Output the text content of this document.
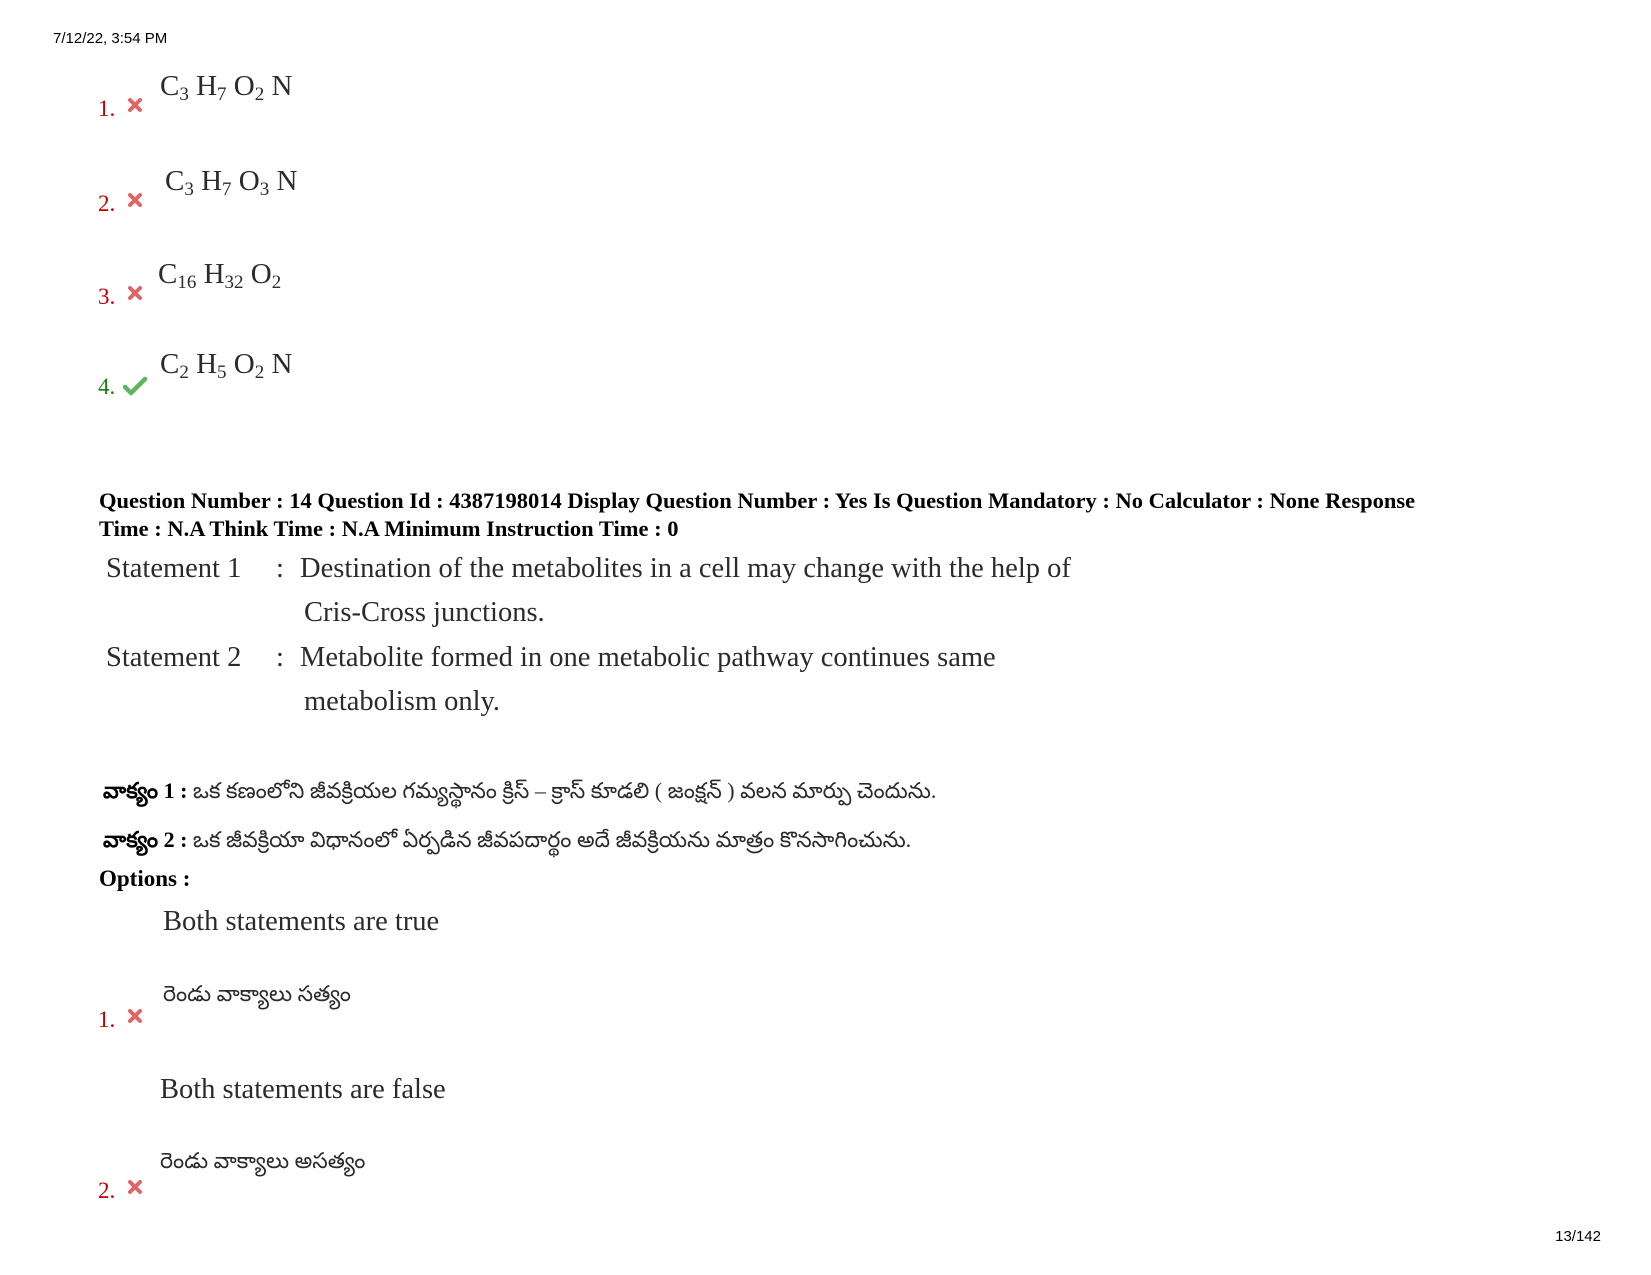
7/12/22, 3:54 PM
1.
$C_3$ $H_7$ $O_2$ N
2.
$C_3$ $H_7$ $O_3$ N
3.
$C_{16}$ $H_{32}$ $O_2$
4.
$C_2$ $H_5$ $O_2$ N
Question Number : 14 Question Id : 4387198014 Display Question Number : Yes Is Question Mandatory : No Calculator : None Response
Time : N.A Think Time : N.A Minimum Instruction Time : 0
Statement 1 : Destination of the metabolites in a cell may change with the help of
Cris-Cross junctions.
Statement 2 : Metabolite formed in one metabolic pathway continues same
metabolism only.
వాక్యం 1 : ఒక కణంలోని జీవక్రియల గమ్యస్థానం క్రిస్ – క్రాస్ కూడలి ( జంక్షన్ ) వలన మార్పు చెందును.
వాక్యం 2 : ఒక జీవక్రియా విధానంలో ఏర్పడిన జీవపదార్థం అదే జీవక్రియను మాత్రం కొనసాగించును.
Options :
Both statements are true
రెండు వాక్యాలు సత్యం
1.
Both statements are false
రెండు వాక్యాలు అసత్యం
2.
13/142
